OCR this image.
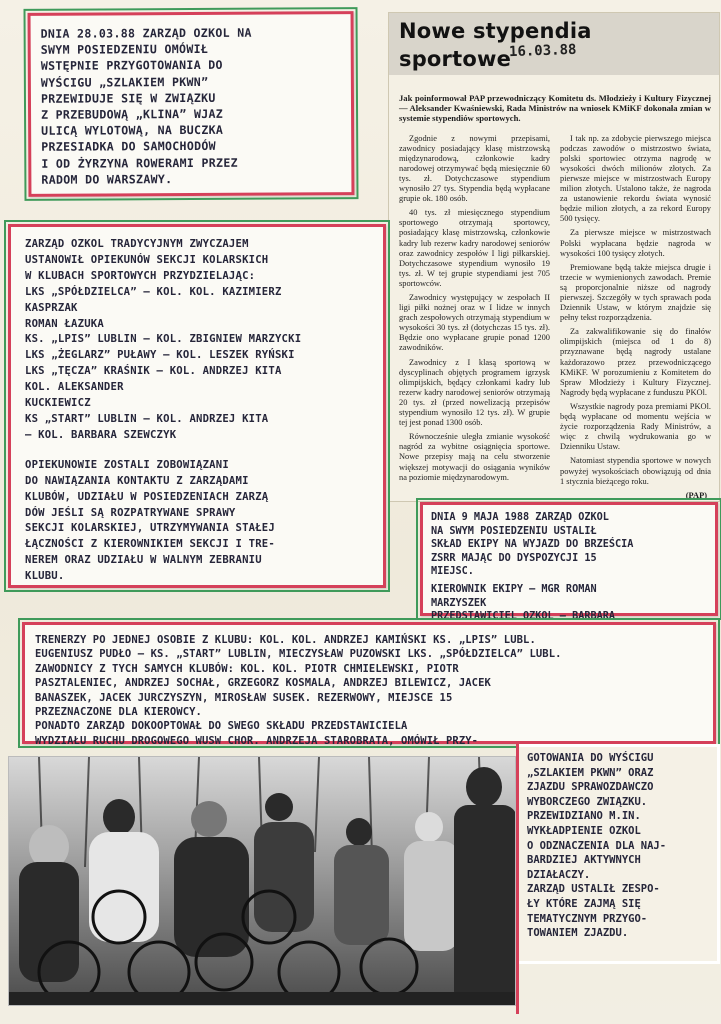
DNIA 28.03.88 ZARZĄD OZKOL NA
SWYM POSIEDZENIU OMÓWIŁ
WSTĘPNIE PRZYGOTOWANIA DO
WYŚCIGU „SZLAKIEM PKWN”
PRZEWIDUJE SIĘ W ZWIĄZKU
Z PRZEBUDOWĄ „KLINA” WJAZ
ULICĄ WYLOTOWĄ, NA BUCZKA
PRZESIADKA DO SAMOCHODÓW
I OD ŻYRZYNA ROWERAMI PRZEZ
RADOM DO WARSZAWY.
Nowe stypendia sportowe
16.03.88
Jak poinformował PAP przewodniczący Komitetu ds. Młodzieży i Kultury Fizycznej — Aleksander Kwaśniewski, Rada Ministrów na wniosek KMiKF dokonała zmian w systemie stypendiów sportowych.

Zgodnie z nowymi przepisami, zawodnicy posiadający klasę mistrzowską międzynarodową, członkowie kadry narodowej otrzymywać będą miesięcznie 60 tys. zł. Dotychczasowe stypendium wynosiło 27 tys. Stypendia będą wypłacane grupie ok. 180 osób.

40 tys. zł miesięcznego stypendium sportowego otrzymają sportowcy, posiadający klasę mistrzowską, członkowie kadry lub rezerw kadry narodowej seniorów oraz zawodnicy zespołów I ligi piłkarskiej. Dotychczasowe stypendium wynosiło 19 tys. zł. W tej grupie stypendiami jest 705 sportowców.

Zawodnicy występujący w zespołach II ligi piłki nożnej oraz w I lidze w innych grach zespołowych otrzymają stypendium w wysokości 30 tys. zł (dotychczas 15 tys. zł). Będzie ono wypłacane grupie ponad 1200 zawodników.

Zawodnicy z I klasą sportową w dyscyplinach objętych programem igrzysk olimpijskich, będący członkami kadry lub rezerw kadry narodowej seniorów otrzymają 20 tys. zł (przed nowelizacją przepisów stypendium wynosiło 12 tys. zł). W grupie tej jest ponad 1300 osób.

Równocześnie uległa zmianie wysokość nagród za wybitne osiągnięcia sportowe. Nowe przepisy mają na celu stworzenie większej motywacji do osiągania wyników na poziomie międzynarodowym.

I tak np. za zdobycie pierwszego miejsca podczas zawodów o mistrzostwo świata, polski sportowiec otrzyma nagrodę w wysokości dwóch milionów złotych. Za pierwsze miejsce w mistrzostwach Europy milion złotych. Ustalono także, że nagroda za ustanowienie rekordu świata wynosić będzie milion złotych, a za rekord Europy 500 tysięcy.

Za pierwsze miejsce w mistrzostwach Polski wypłacana będzie nagroda w wysokości 100 tysięcy złotych.

Premiowane będą także miejsca drugie i trzecie w wymienionych zawodach. Premie są proporcjonalnie niższe od nagrody pierwszej. Szczegóły w tych sprawach poda Dziennik Ustaw, w którym znajdzie się pełny tekst rozporządzenia.

Za zakwalifikowanie się do finałów olimpijskich (miejsca od 1 do 8) przyznawane będą nagrody ustalane każdorazowo przez przewodniczącego KMiKF. W porozumieniu z Komitetem do Spraw Młodzieży i Kultury Fizycznej. Nagrody będą wypłacane z funduszu PKOl.

Wszystkie nagrody poza premiami PKOl. będą wypłacane od momentu wejścia w życie rozporządzenia Rady Ministrów, a więc z chwilą wydrukowania go w Dzienniku Ustaw.

Natomiast stypendia sportowe w nowych powyżej wysokościach obowiązują od dnia 1 stycznia bieżącego roku.

(PAP)
ZARZĄD OZKOL TRADYCYJNYM ZWYCZAJEM
USTANOWIŁ OPIEKUNÓW SEKCJI KOLARSKICH
W KLUBACH SPORTOWYCH PRZYDZIELAJĄC:
LKS „SPÓŁDZIELCA” – KOL. KOL. KAZIMIERZ
KASPRZAK
ROMAN ŁAZUKA
KS. „LPIS” LUBLIN – KOL. ZBIGNIEW MARZYCKI
LKS „ŻEGLARZ” PUŁAWY – KOL. LESZEK RYŃSKI
LKS „TĘCZA” KRAŚNIK – KOL. ANDRZEJ KITA
KOL. ALEKSANDER
KUCKIEWICZ
KS „START” LUBLIN – KOL. ANDRZEJ KITA
– KOL. BARBARA SZEWCZYK
OPIEKUNOWIE ZOSTALI ZOBOWIĄZANI
DO NAWIĄZANIA KONTAKTU Z ZARZĄDAMI
KLUBÓW, UDZIAŁU W POSIEDZENIACH ZARZĄ
DÓW JEŚLI SĄ ROZPATRYWANE SPRAWY
SEKCJI KOLARSKIEJ, UTRZYMYWANIA STAŁEJ
ŁĄCZNOŚCI Z KIEROWNIKIEM SEKCJI I TRE-
NEREM ORAZ UDZIAŁU W WALNYM ZEBRANIU
KLUBU.
DNIA 9 MAJA 1988 ZARZĄD OZKOL
NA SWYM POSIEDZENIU USTALIŁ
SKŁAD EKIPY NA WYJAZD DO BRZEŚCIA
ZSRR MAJĄC DO DYSPOZYCJI 15
MIEJSC.
KIEROWNIK EKIPY – MGR ROMAN
MARZYSZEK
PRZEDSTAWICIEL OZKOL – BARBARA

TRENERZY PO JEDNEJ OSOBIE Z KLUBU: KOL. KOL. ANDRZEJ KAMIŃSKI KS. „LPIS” LUBL.
EUGENIUSZ PUDŁO – KS. „START” LUBLIN, MIECZYSŁAW PUZOWSKI LKS. „SPÓŁDZIELCA” LUBL.
ZAWODNICY Z TYCH SAMYCH KLUBÓW: KOL. KOL. PIOTR CHMIELEWSKI, PIOTR
PASZTALENIEC, ANDRZEJ SOCHAŁ, GRZEGORZ KOSMALA, ANDRZEJ BILEWICZ, JACEK
BANASZEK, JACEK JURCZYSZYN, MIROSŁAW SUSEK. REZERWOWY, MIEJSCE 15
PRZEZNACZONE DLA KIEROWCY.
PONADTO ZARZĄD DOKOOPTOWAŁ DO SWEGO SKŁADU PRZEDSTAWICIELA
WYDZIAŁU RUCHU DROGOWEGO WUSW CHOR. ANDRZEJA STAROBRATA, OMÓWIŁ PRZY-
GOTOWANIA DO WYŚCIGU
„SZLAKIEM PKWN” ORAZ
ZJAZDU SPRAWOZDAWCZO
WYBORCZEGO ZWIĄZKU.
PRZEWIDZIANO M.IN.
WYKŁADPIENIE OZKOL
O ODZNACZENIA DLA NAJ-
BARDZIEJ AKTYWNYCH
DZIAŁACZY.
ZARZĄD USTALIŁ ZESPO-
ŁY KTÓRE ZAJMĄ SIĘ
TEMATYCZNYM PRZYGO-
TOWANIEM ZJAZDU.
